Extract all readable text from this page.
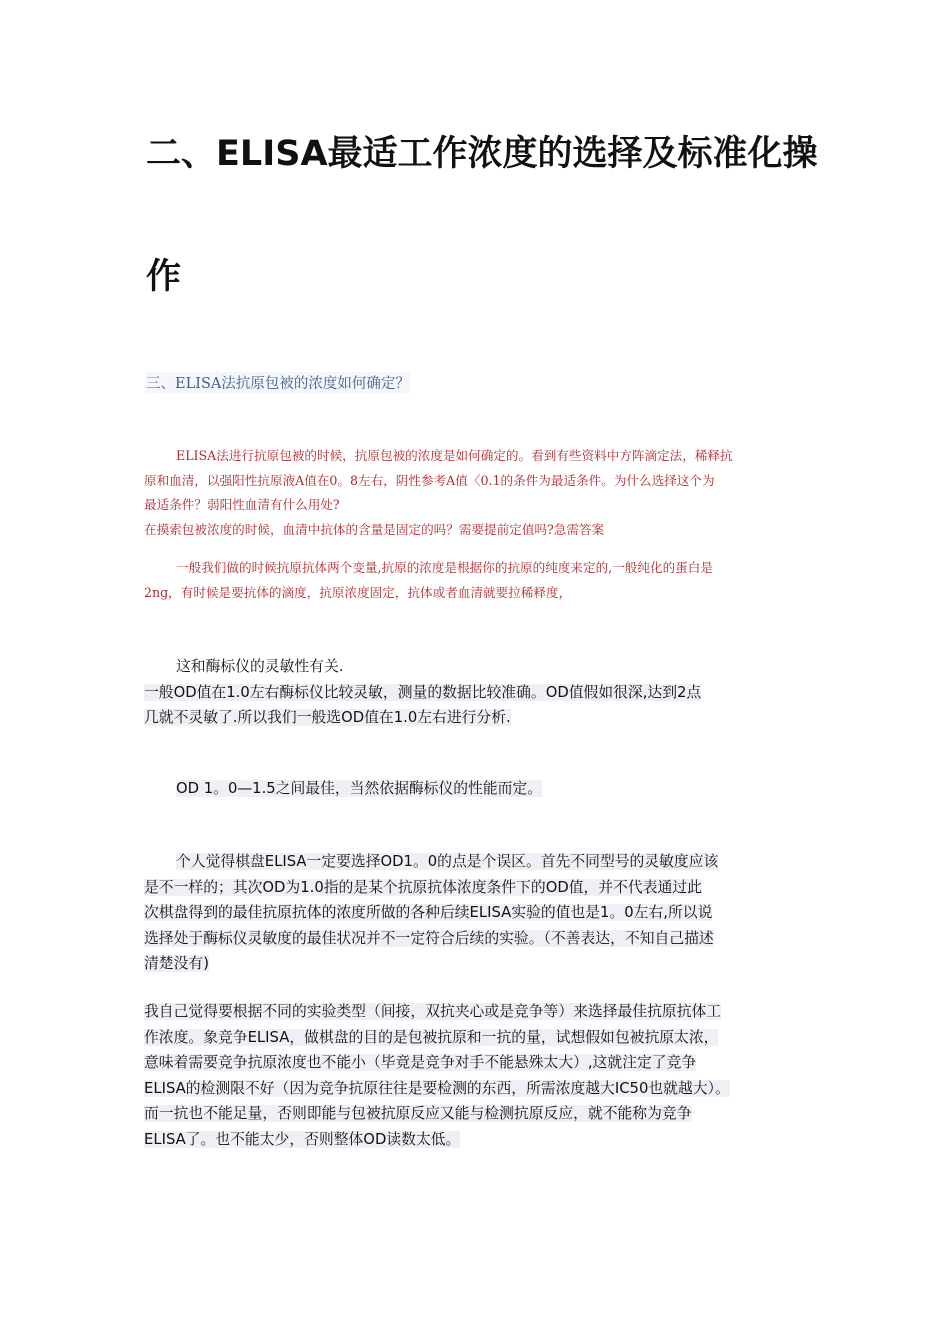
二、ELISA最适工作浓度的选择及标准化操
作

三、ELISA法抗原包被的浓度如何确定？

ELISA法进行抗原包被的时候，抗原包被的浓度是如何确定的。看到有些资料中方阵滴定法，稀释抗
原和血清，以强阳性抗原液A值在0。8左右，阴性参考A值〈0.1的条件为最适条件。为什么选择这个为
最适条件？弱阳性血清有什么用处?
在摸索包被浓度的时候，血清中抗体的含量是固定的吗？需要提前定值吗?急需答案
一般我们做的时候抗原抗体两个变量,抗原的浓度是根据你的抗原的纯度来定的,一般纯化的蛋白是
2ng，有时候是要抗体的滴度，抗原浓度固定，抗体或者血清就要拉稀释度，
这和酶标仪的灵敏性有关.
一般OD值在1.0左右酶标仪比较灵敏，测量的数据比较准确。OD值假如很深,达到2点
几就不灵敏了.所以我们一般选OD值在1.0左右进行分析.
OD 1。0—1.5之间最佳，当然依据酶标仪的性能而定。
个人觉得棋盘ELISA一定要选择OD1。0的点是个误区。首先不同型号的灵敏度应该
是不一样的；其次OD为1.0指的是某个抗原抗体浓度条件下的OD值，并不代表通过此
次棋盘得到的最佳抗原抗体的浓度所做的各种后续ELISA实验的值也是1。0左右,所以说
选择处于酶标仪灵敏度的最佳状况并不一定符合后续的实验。（不善表达，不知自己描述
清楚没有)
我自己觉得要根据不同的实验类型（间接，双抗夹心或是竞争等）来选择最佳抗原抗体工
作浓度。象竞争ELISA，做棋盘的目的是包被抗原和一抗的量，试想假如包被抗原太浓，
意味着需要竞争抗原浓度也不能小（毕竟是竞争对手不能悬殊太大）,这就注定了竞争
ELISA的检测限不好（因为竞争抗原往往是要检测的东西，所需浓度越大IC50也就越大）。
而一抗也不能足量，否则即能与包被抗原反应又能与检测抗原反应，就不能称为竞争
ELISA了。也不能太少，否则整体OD读数太低。
